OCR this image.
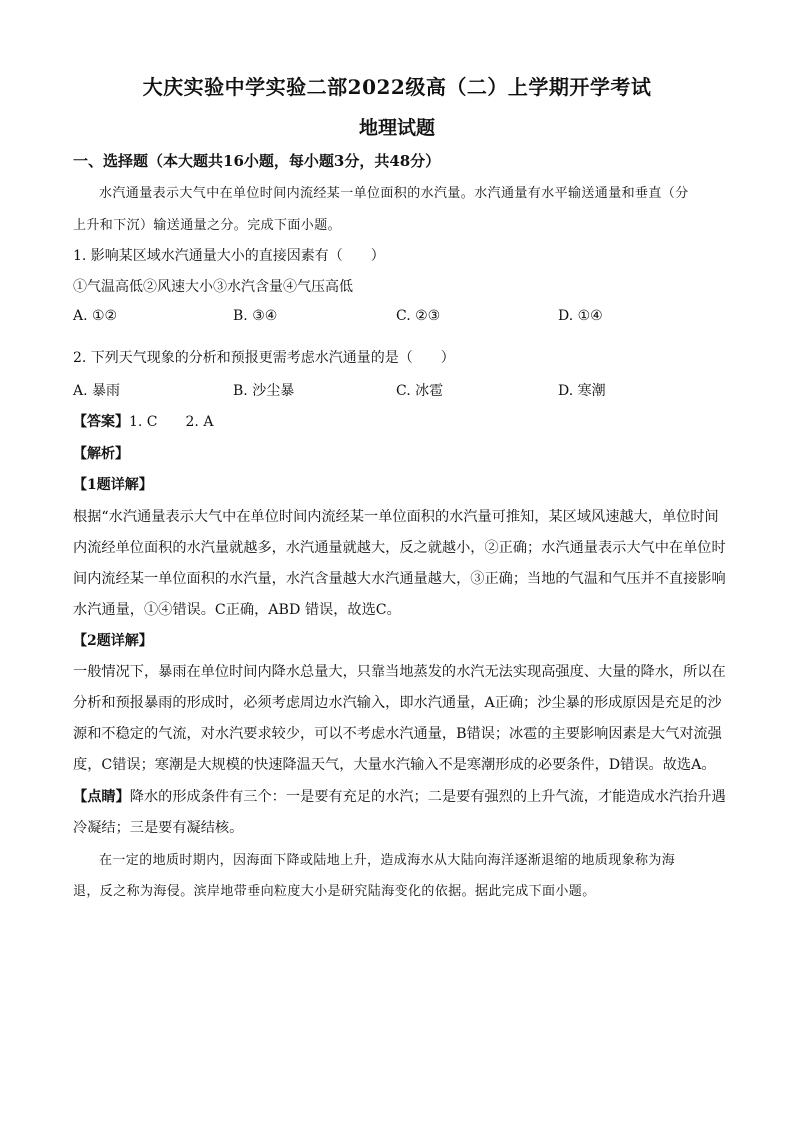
大庆实验中学实验二部2022级高（二）上学期开学考试
地理试题
一、选择题（本大题共16小题，每小题3分，共48分）
水汽通量表示大气中在单位时间内流经某一单位面积的水汽量。水汽通量有水平输送通量和垂直（分
上升和下沉）输送通量之分。完成下面小题。
1. 影响某区域水汽通量大小的直接因素有（　　）
①气温高低②风速大小③水汽含量④气压高低
A. ①②	B. ③④	C. ②③	D. ①④
2. 下列天气现象的分析和预报更需考虑水汽通量的是（　　）
A. 暴雨	B. 沙尘暴	C. 冰雹	D. 寒潮
【答案】1. C　　2. A
【解析】
【1题详解】
根据“水汽通量表示大气中在单位时间内流经某一单位面积的水汽量可推知，某区域风速越大，单位时间
内流经单位面积的水汽量就越多，水汽通量就越大，反之就越小，②正确；水汽通量表示大气中在单位时
间内流经某一单位面积的水汽量，水汽含量越大水汽通量越大，③正确；当地的气温和气压并不直接影响
水汽通量，①④错误。C正确，ABD 错误，故选C。
【2题详解】
一般情况下，暴雨在单位时间内降水总量大，只靠当地蒸发的水汽无法实现高强度、大量的降水，所以在
分析和预报暴雨的形成时，必须考虑周边水汽输入，即水汽通量，A正确；沙尘暴的形成原因是充足的沙
源和不稳定的气流，对水汽要求较少，可以不考虑水汽通量，B错误；冰雹的主要影响因素是大气对流强
度，C错误；寒潮是大规模的快速降温天气，大量水汽输入不是寒潮形成的必要条件，D错误。故选A。
【点睛】降水的形成条件有三个：一是要有充足的水汽；二是要有强烈的上升气流，才能造成水汽抬升遇
冷凝结；三是要有凝结核。
在一定的地质时期内，因海面下降或陆地上升，造成海水从大陆向海洋逐渐退缩的地质现象称为海
退，反之称为海侵。滨岸地带垂向粒度大小是研究陆海变化的依据。据此完成下面小题。
